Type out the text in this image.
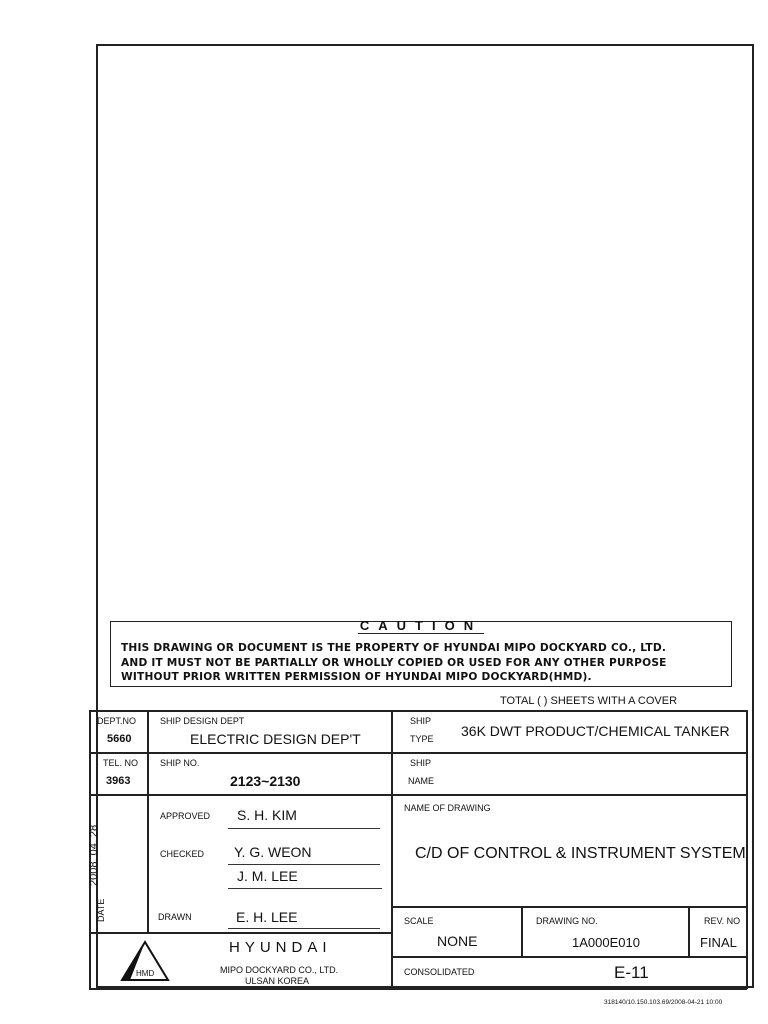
CAUTION
THIS DRAWING OR DOCUMENT IS THE PROPERTY OF HYUNDAI MIPO DOCKYARD CO., LTD.
AND IT MUST NOT BE PARTIALLY OR WHOLLY COPIED OR USED FOR ANY OTHER PURPOSE
WITHOUT PRIOR WRITTEN PERMISSION OF HYUNDAI MIPO DOCKYARD(HMD).
TOTAL ( ) SHEETS WITH A COVER
DEPT.NO
5660
SHIP DESIGN DEPT
ELECTRIC DESIGN DEP'T
SHIP
TYPE 36K DWT PRODUCT/CHEMICAL TANKER
TEL. NO
3963
SHIP NO.
2123~2130
SHIP
NAME
2008. 04. 28
DATE
APPROVED S. H. KIM
CHECKED Y. G. WEON
J. M. LEE
DRAWN	E. H. LEE
NAME OF DRAWING
C/D OF CONTROL & INSTRUMENT SYSTEM
SCALE
NONE
DRAWING NO.
1A000E010
REV. NO
FINAL
CONSOLIDATED	E-11
HMD
HYUNDAI
MIPO DOCKYARD CO., LTD.
ULSAN KOREA
318140/10.150.103.69/2008-04-21 10:00
